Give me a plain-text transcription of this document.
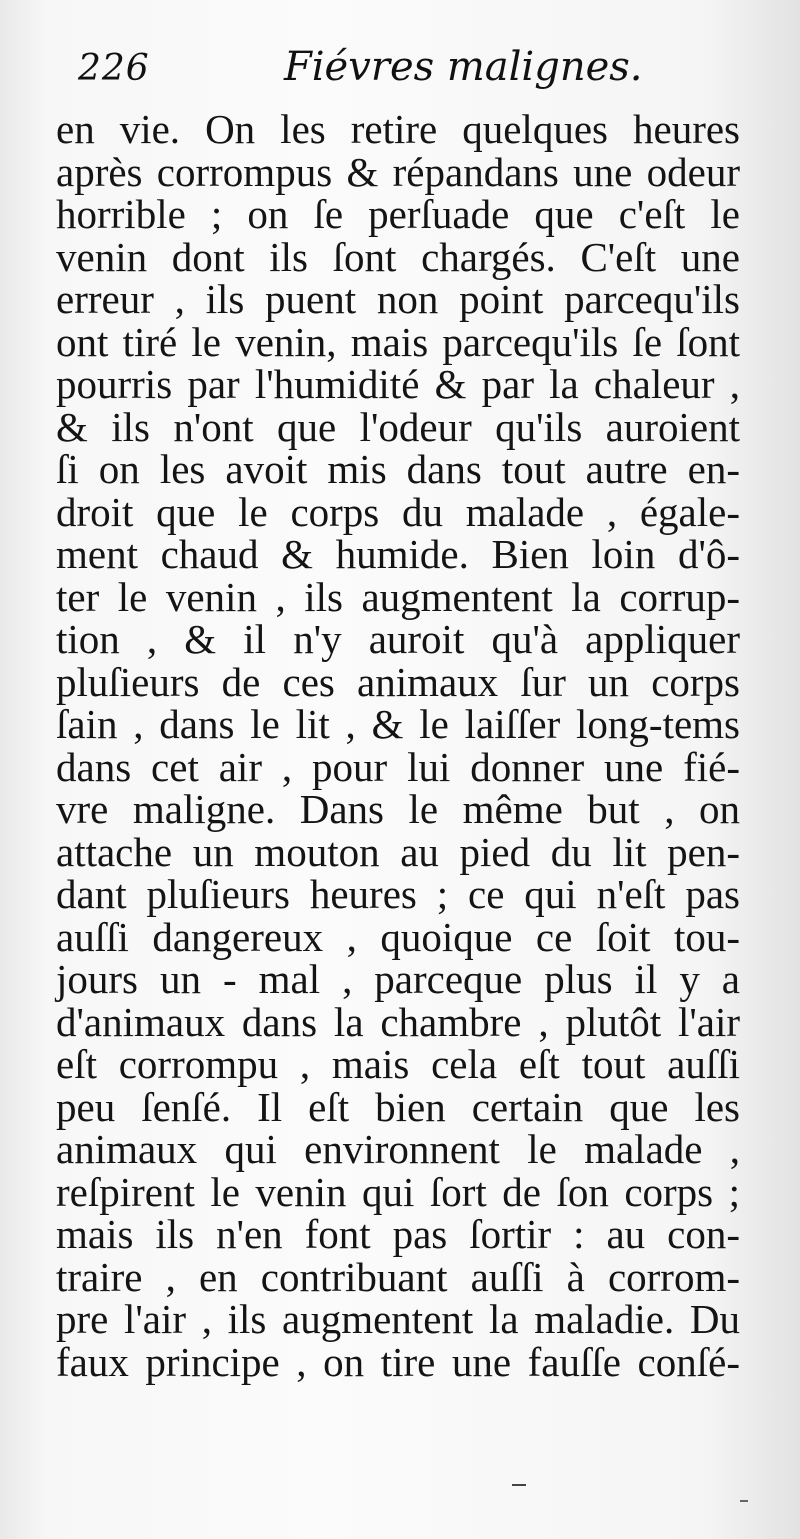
226	Fiévres malignes.
en vie. On les retire quelques heures
après corrompus & répandans une odeur
horrible ; on ſe perſuade que c'eſt le
venin dont ils ſont chargés. C'eſt une
erreur , ils puent non point parcequ'ils
ont tiré le venin, mais parcequ'ils ſe ſont
pourris par l'humidité & par la chaleur ,
& ils n'ont que l'odeur qu'ils auroient
ſi on les avoit mis dans tout autre en-
droit que le corps du malade , égale-
ment chaud & humide. Bien loin d'ô-
ter le venin , ils augmentent la corrup-
tion , & il n'y auroit qu'à appliquer
pluſieurs de ces animaux ſur un corps
ſain , dans le lit , & le laiſſer long-tems
dans cet air , pour lui donner une fié-
vre maligne. Dans le même but , on
attache un mouton au pied du lit pen-
dant pluſieurs heures ; ce qui n'eſt pas
auſſi dangereux , quoique ce ſoit tou-
jours un - mal , parceque plus il y a
d'animaux dans la chambre , plutôt l'air
eſt corrompu , mais cela eſt tout auſſi
peu ſenſé. Il eſt bien certain que les
animaux qui environnent le malade ,
reſpirent le venin qui ſort de ſon corps ;
mais ils n'en font pas ſortir : au con-
traire , en contribuant auſſi à corrom-
pre l'air , ils augmentent la maladie. Du
faux principe , on tire une fauſſe conſé-
